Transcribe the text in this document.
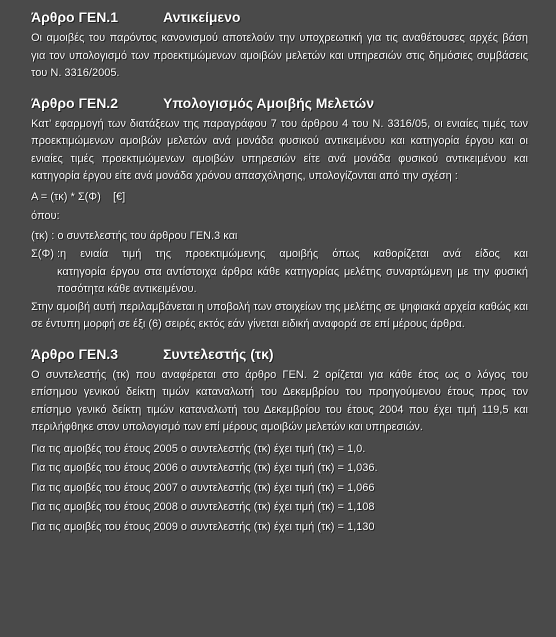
Άρθρο ΓΕΝ.1	Αντικείμενο

Οι αμοιβές του παρόντος κανονισμού αποτελούν την υποχρεωτική για τις αναθέτουσες αρχές βάση για τον υπολογισμό των προεκτιμώμενων αμοιβών μελετών και υπηρεσιών στις δημόσιες συμβάσεις του Ν. 3316/2005.

Άρθρο ΓΕΝ.2	Υπολογισμός Αμοιβής Μελετών

Κατ’ εφαρμογή των διατάξεων της παραγράφου 7 του άρθρου 4 του Ν. 3316/05, οι ενιαίες τιμές των προεκτιμώμενων αμοιβών μελετών ανά μονάδα φυσικού αντικειμένου και κατηγορία έργου και οι ενιαίες τιμές προεκτιμώμενων αμοιβών υπηρεσιών είτε ανά μονάδα φυσικού αντικειμένου και κατηγορία έργου είτε ανά μονάδα χρόνου απασχόλησης, υπολογίζονται από την σχέση :

Α = (τκ) * Σ(Φ)    [€]

όπου:

(τκ) : ο συντελεστής του άρθρου ΓΕΝ.3 και

Σ(Φ) :η ενιαία τιμή της προεκτιμώμενης αμοιβής όπως καθορίζεται ανά είδος και
κατηγορία έργου στα αντίστοιχα άρθρα κάθε κατηγορίας μελέτης συναρτώμενη με την φυσική ποσότητα κάθε αντικειμένου.

Στην αμοιβή αυτή περιλαμβάνεται η υποβολή των στοιχείων της μελέτης σε ψηφιακά αρχεία καθώς και σε έντυπη μορφή σε έξι (6) σειρές εκτός εάν γίνεται ειδική αναφορά σε επί μέρους άρθρα.

Άρθρο ΓΕΝ.3	Συντελεστής (τκ)

Ο συντελεστής (τκ) που αναφέρεται στο άρθρο ΓΕΝ. 2 ορίζεται για κάθε έτος ως ο λόγος του επίσημου γενικού δείκτη τιμών καταναλωτή του Δεκεμβρίου του προηγούμενου έτους προς τον επίσημο γενικό δείκτη τιμών καταναλωτή του Δεκεμβρίου του έτους 2004 που έχει τιμή 119,5 και περιλήφθηκε στον υπολογισμό των επί μέρους αμοιβών μελετών και υπηρεσιών.

Για τις αμοιβές του έτους 2005 ο συντελεστής (τκ) έχει τιμή (τκ) = 1,0.

Για τις αμοιβές του έτους 2006 ο συντελεστής (τκ) έχει τιμή (τκ) = 1,036.

Για τις αμοιβές του έτους 2007 ο συντελεστής (τκ) έχει τιμή (τκ) = 1,066

Για τις αμοιβές του έτους 2008 ο συντελεστής (τκ) έχει τιμή (τκ) = 1,108

Για τις αμοιβές του έτους 2009 ο συντελεστής (τκ) έχει τιμή (τκ) = 1,130
